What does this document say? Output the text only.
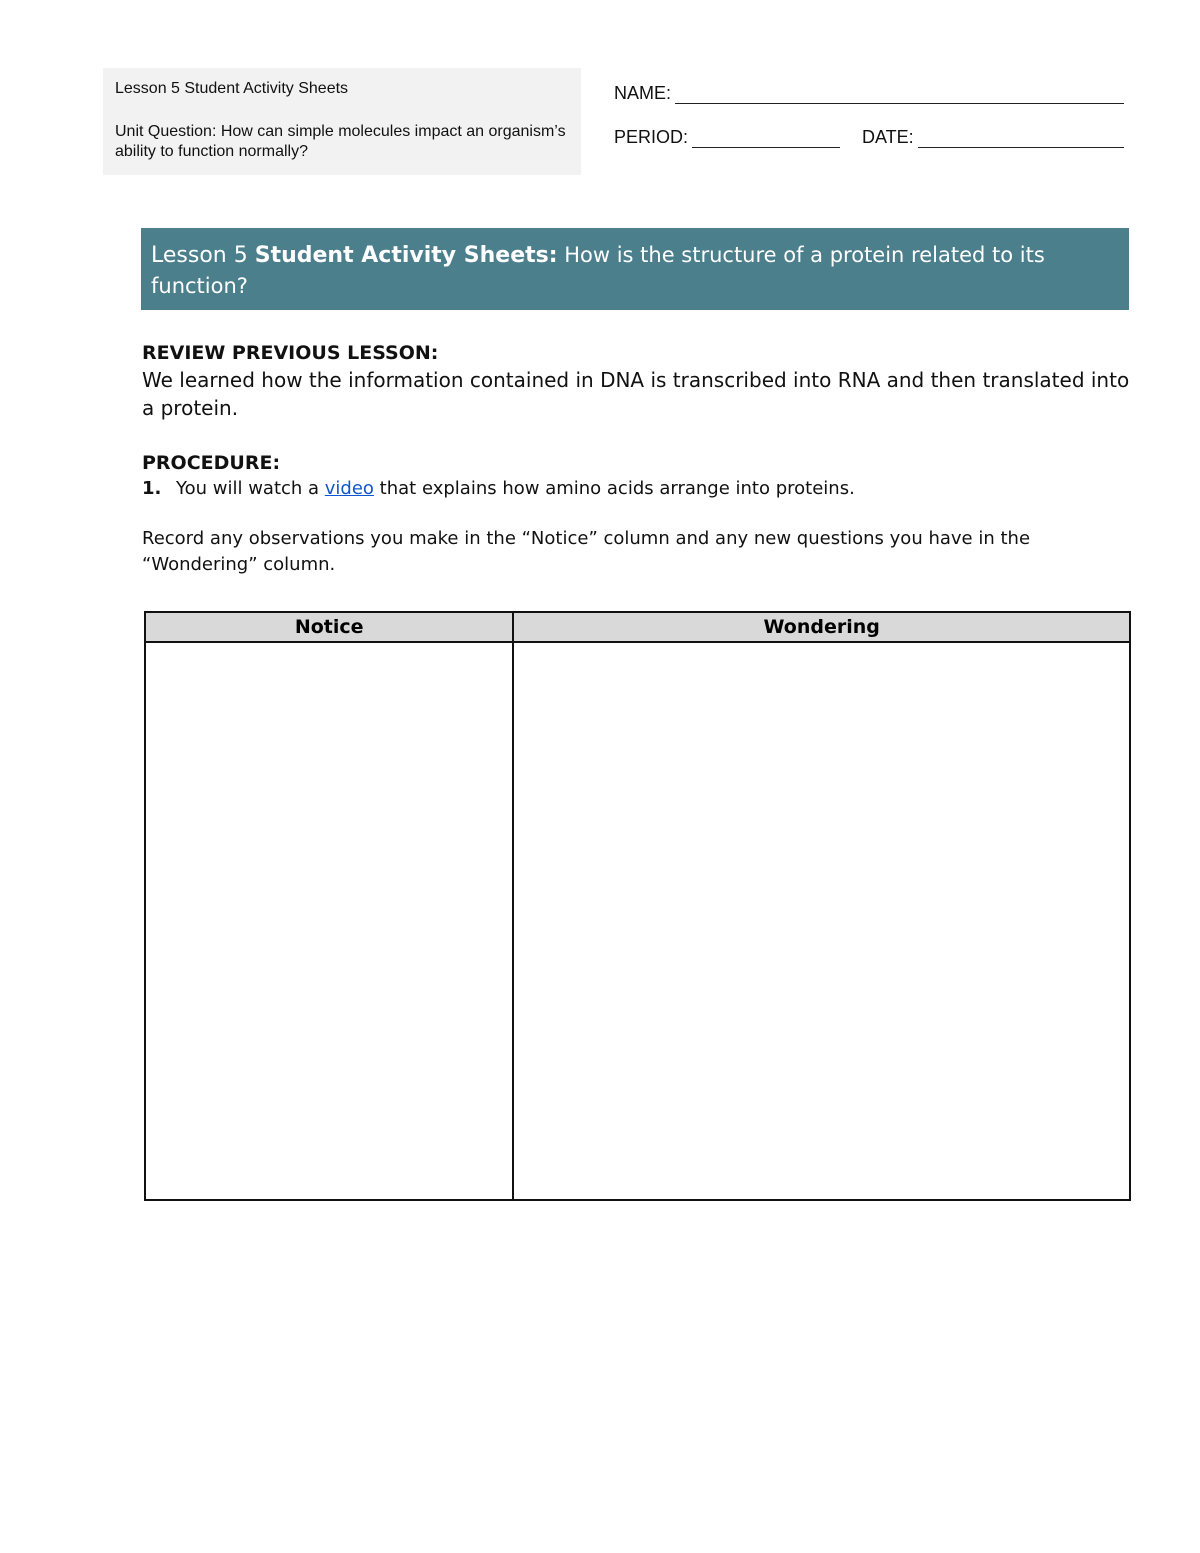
Lesson 5 Student Activity Sheets
Unit Question: How can simple molecules impact an organism’s ability to function normally?
NAME:
PERIOD:	DATE:
Lesson 5 Student Activity Sheets: How is the structure of a protein related to its function?
REVIEW PREVIOUS LESSON:
We learned how the information contained in DNA is transcribed into RNA and then translated into a protein.
PROCEDURE:
1. You will watch a video that explains how amino acids arrange into proteins.
Record any observations you make in the “Notice” column and any new questions you have in the “Wondering” column.
Notice	Wondering
